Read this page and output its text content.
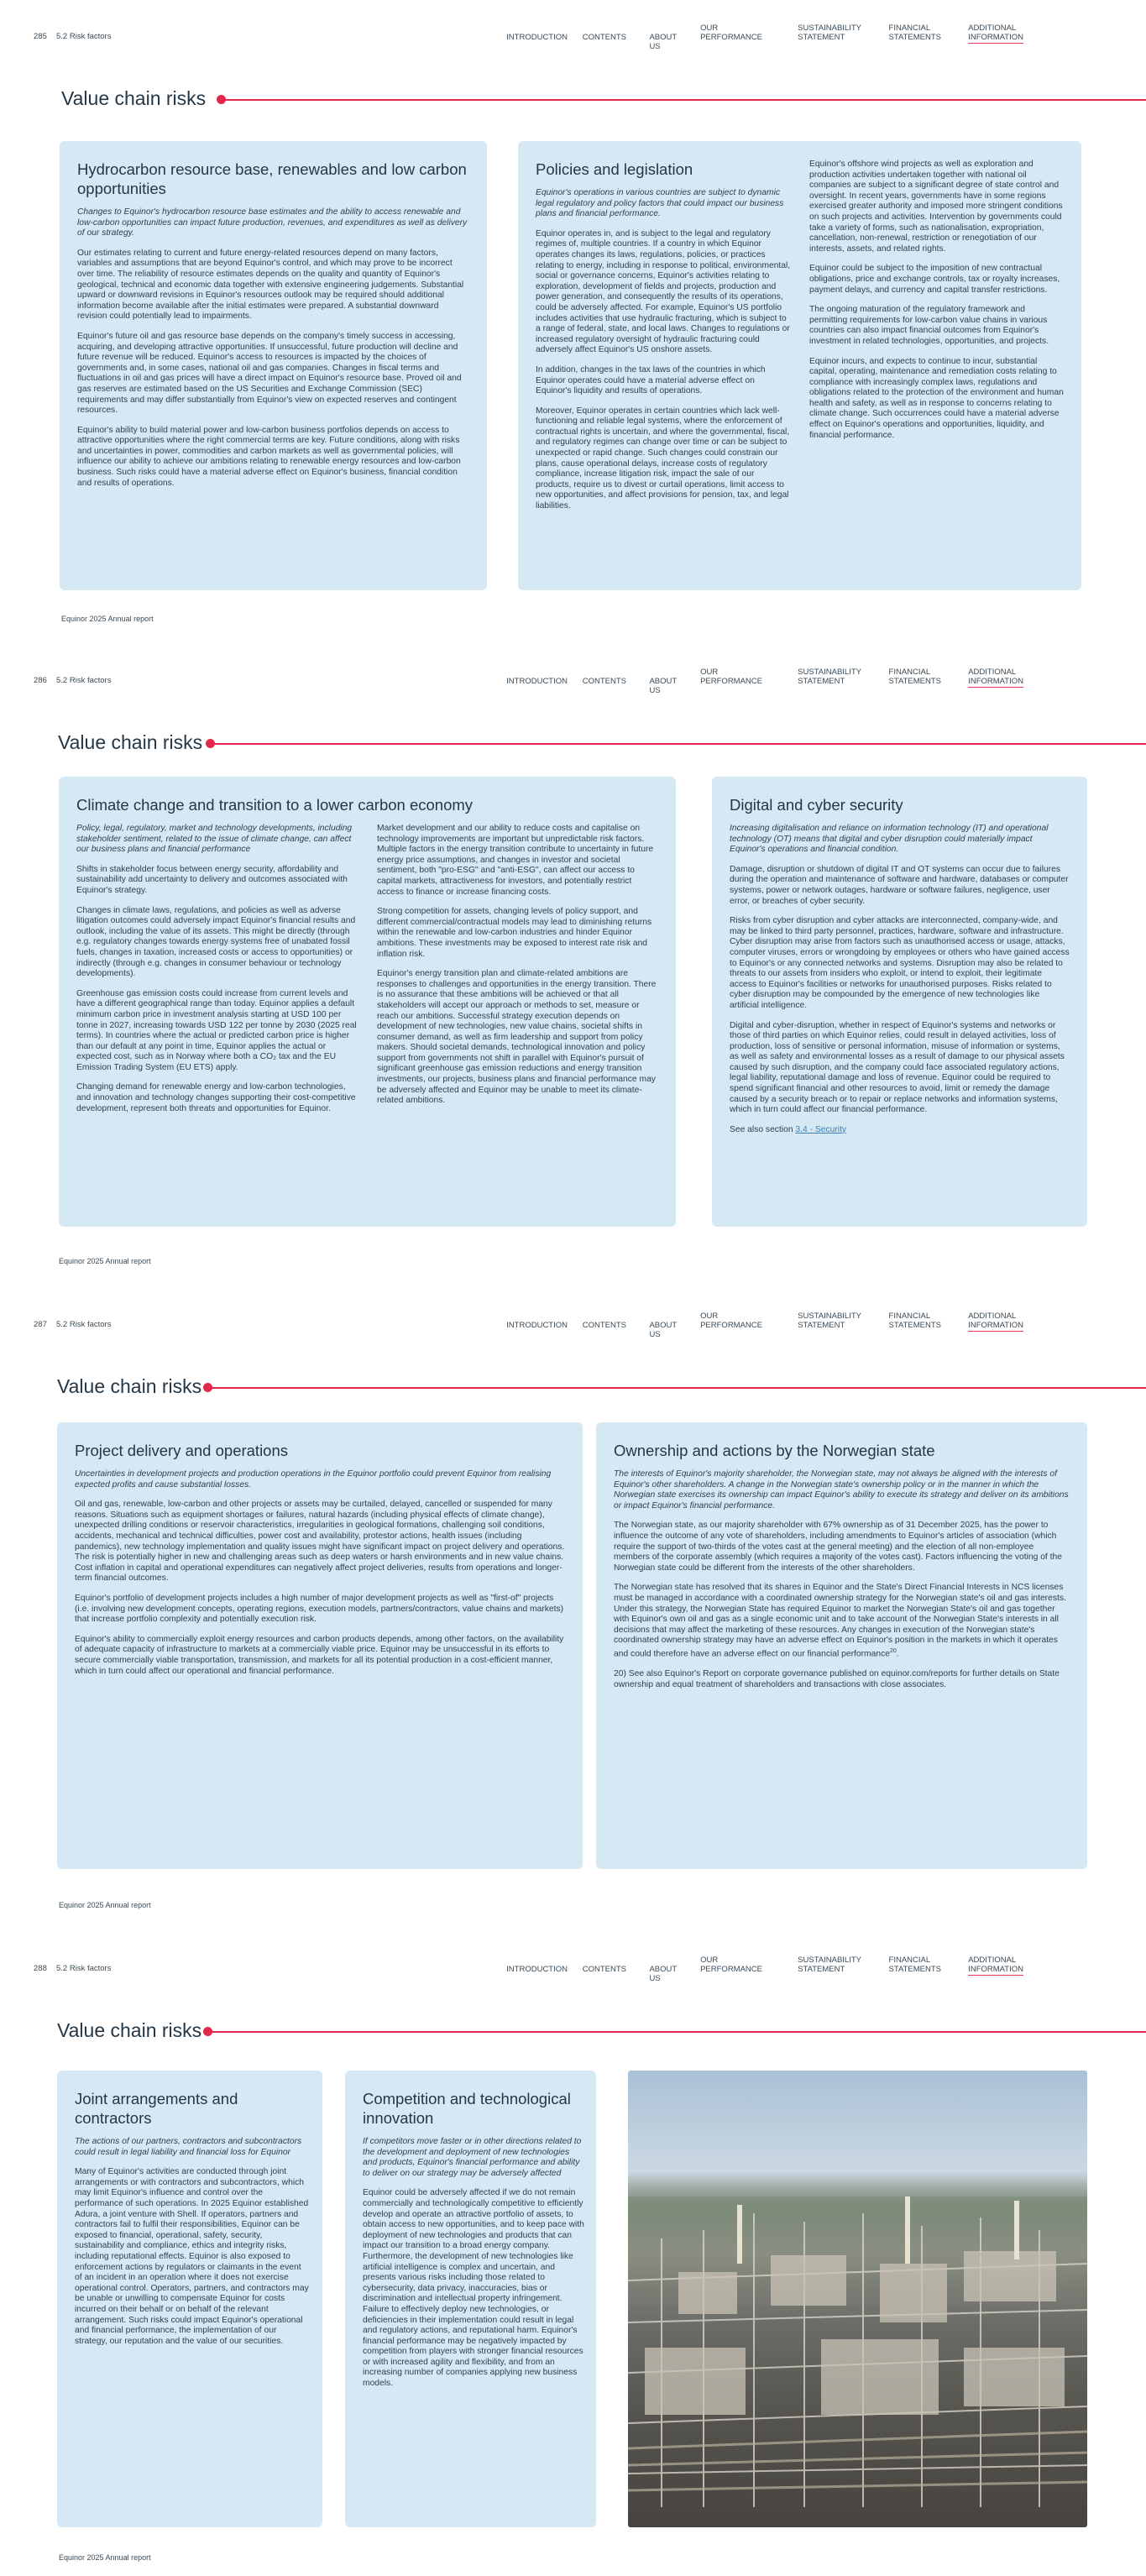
285 5.2 Risk factors	INTRODUCTION CONTENTS	ABOUT US
OUR
PERFORMANCE
SUSTAINABILITY
STATEMENT
FINANCIAL
STATEMENTS
ADDITIONAL
INFORMATION
Value chain risks
Hydrocarbon resource base, renewables and low carbon opportunities

Changes to Equinor's hydrocarbon resource base estimates and the ability to access renewable and low-carbon opportunities can impact future production, revenues, and expenditures as well as delivery of our strategy.

Our estimates relating to current and future energy-related resources depend on many factors, variables and assumptions that are beyond Equinor's control, and which may prove to be incorrect over time. The reliability of resource estimates depends on the quality and quantity of Equinor's geological, technical and economic data together with extensive engineering judgements. Substantial upward or downward revisions in Equinor's resources outlook may be required should additional information become available after the initial estimates were prepared. A substantial downward revision could potentially lead to impairments.

Equinor's future oil and gas resource base depends on the company's timely success in accessing, acquiring, and developing attractive opportunities. If unsuccessful, future production will decline and future revenue will be reduced. Equinor's access to resources is impacted by the choices of governments and, in some cases, national oil and gas companies. Changes in fiscal terms and fluctuations in oil and gas prices will have a direct impact on Equinor's resource base. Proved oil and gas reserves are estimated based on the US Securities and Exchange Commission (SEC) requirements and may differ substantially from Equinor's view on expected reserves and contingent resources.

Equinor's ability to build material power and low-carbon business portfolios depends on access to attractive opportunities where the right commercial terms are key. Future conditions, along with risks and uncertainties in power, commodities and carbon markets as well as governmental policies, will influence our ability to achieve our ambitions relating to renewable energy resources and low-carbon business. Such risks could have a material adverse effect on Equinor's business, financial condition and results of operations.

Policies and legislation

Equinor's operations in various countries are subject to dynamic legal regulatory and policy factors that could impact our business plans and financial performance.

Equinor operates in, and is subject to the legal and regulatory regimes of, multiple countries. If a country in which Equinor operates changes its laws, regulations, policies, or practices relating to energy, including in response to political, environmental, social or governance concerns, Equinor's activities relating to exploration, development of fields and projects, production and power generation, and consequently the results of its operations, could be adversely affected. For example, Equinor's US portfolio includes activities that use hydraulic fracturing, which is subject to a range of federal, state, and local laws. Changes to regulations or increased regulatory oversight of hydraulic fracturing could adversely affect Equinor's US onshore assets.

In addition, changes in the tax laws of the countries in which Equinor operates could have a material adverse effect on Equinor's liquidity and results of operations.

Moreover, Equinor operates in certain countries which lack well-functioning and reliable legal systems, where the enforcement of contractual rights is uncertain, and where the governmental, fiscal, and regulatory regimes can change over time or can be subject to unexpected or rapid change. Such changes could constrain our plans, cause operational delays, increase costs of regulatory compliance, increase litigation risk, impact the sale of our products, require us to divest or curtail operations, limit access to new opportunities, and affect provisions for pension, tax, and legal liabilities.

Equinor's offshore wind projects as well as exploration and production activities undertaken together with national oil companies are subject to a significant degree of state control and oversight. In recent years, governments have in some regions exercised greater authority and imposed more stringent conditions on such projects and activities. Intervention by governments could take a variety of forms, such as nationalisation, expropriation, cancellation, non-renewal, restriction or renegotiation of our interests, assets, and related rights.

Equinor could be subject to the imposition of new contractual obligations, price and exchange controls, tax or royalty increases, payment delays, and currency and capital transfer restrictions.

The ongoing maturation of the regulatory framework and permitting requirements for low-carbon value chains in various countries can also impact financial outcomes from Equinor's investment in related technologies, opportunities, and projects.

Equinor incurs, and expects to continue to incur, substantial capital, operating, maintenance and remediation costs relating to compliance with increasingly complex laws, regulations and obligations related to the protection of the environment and human health and safety, as well as in response to concerns relating to climate change. Such occurrences could have a material adverse effect on Equinor's operations and opportunities, liquidity, and financial performance.

Equinor 2025 Annual report
286 5.2 Risk factors	INTRODUCTION CONTENTS	ABOUT US
OUR
PERFORMANCE
SUSTAINABILITY
STATEMENT
FINANCIAL
STATEMENTS
ADDITIONAL
INFORMATION
Value chain risks
Climate change and transition to a lower carbon economy

Policy, legal, regulatory, market and technology developments, including stakeholder sentiment, related to the issue of climate change, can affect our business plans and financial performance

Shifts in stakeholder focus between energy security, affordability and sustainability add uncertainty to delivery and outcomes associated with Equinor's strategy.

Changes in climate laws, regulations, and policies as well as adverse litigation outcomes could adversely impact Equinor's financial results and outlook, including the value of its assets. This might be directly (through e.g. regulatory changes towards energy systems free of unabated fossil fuels, changes in taxation, increased costs or access to opportunities) or indirectly (through e.g. changes in consumer behaviour or technology developments).

Greenhouse gas emission costs could increase from current levels and have a different geographical range than today. Equinor applies a default minimum carbon price in investment analysis starting at USD 100 per tonne in 2027, increasing towards USD 122 per tonne by 2030 (2025 real terms). In countries where the actual or predicted carbon price is higher than our default at any point in time, Equinor applies the actual or expected cost, such as in Norway where both a CO₂ tax and the EU Emission Trading System (EU ETS) apply.

Changing demand for renewable energy and low-carbon technologies, and innovation and technology changes supporting their cost-competitive development, represent both threats and opportunities for Equinor.

Market development and our ability to reduce costs and capitalise on technology improvements are important but unpredictable risk factors. Multiple factors in the energy transition contribute to uncertainty in future energy price assumptions, and changes in investor and societal sentiment, both "pro-ESG" and "anti-ESG", can affect our access to capital markets, attractiveness for investors, and potentially restrict access to finance or increase financing costs.

Strong competition for assets, changing levels of policy support, and different commercial/contractual models may lead to diminishing returns within the renewable and low-carbon industries and hinder Equinor ambitions. These investments may be exposed to interest rate risk and inflation risk.

Equinor's energy transition plan and climate-related ambitions are responses to challenges and opportunities in the energy transition. There is no assurance that these ambitions will be achieved or that all stakeholders will accept our approach or methods to set, measure or reach our ambitions. Successful strategy execution depends on development of new technologies, new value chains, societal shifts in consumer demand, as well as firm leadership and support from policy makers. Should societal demands, technological innovation and policy support from governments not shift in parallel with Equinor's pursuit of significant greenhouse gas emission reductions and energy transition investments, our projects, business plans and financial performance may be adversely affected and Equinor may be unable to meet its climate-related ambitions.

Digital and cyber security

Increasing digitalisation and reliance on information technology (IT) and operational technology (OT) means that digital and cyber disruption could materially impact Equinor's operations and financial condition.

Damage, disruption or shutdown of digital IT and OT systems can occur due to failures during the operation and maintenance of software and hardware, databases or computer systems, power or network outages, hardware or software failures, negligence, user error, or breaches of cyber security.

Risks from cyber disruption and cyber attacks are interconnected, company-wide, and may be linked to third party personnel, practices, hardware, software and infrastructure. Cyber disruption may arise from factors such as unauthorised access or usage, attacks, computer viruses, errors or wrongdoing by employees or others who have gained access to Equinor's or any connected networks and systems. Disruption may also be related to threats to our assets from insiders who exploit, or intend to exploit, their legitimate access to Equinor's facilities or networks for unauthorised purposes. Risks related to cyber disruption may be compounded by the emergence of new technologies like artificial intelligence.

Digital and cyber-disruption, whether in respect of Equinor's systems and networks or those of third parties on which Equinor relies, could result in delayed activities, loss of production, loss of sensitive or personal information, misuse of information or systems, as well as safety and environmental losses as a result of damage to our physical assets caused by such disruption, and the company could face associated regulatory actions, legal liability, reputational damage and loss of revenue. Equinor could be required to spend significant financial and other resources to avoid, limit or remedy the damage caused by a security breach or to repair or replace networks and information systems, which in turn could affect our financial performance.

See also section 3.4 - Security

Equinor 2025 Annual report
287 5.2 Risk factors	INTRODUCTION CONTENTS	ABOUT US
OUR
PERFORMANCE
SUSTAINABILITY
STATEMENT
FINANCIAL
STATEMENTS
ADDITIONAL
INFORMATION
Value chain risks
Project delivery and operations

Uncertainties in development projects and production operations in the Equinor portfolio could prevent Equinor from realising expected profits and cause substantial losses.

Oil and gas, renewable, low-carbon and other projects or assets may be curtailed, delayed, cancelled or suspended for many reasons. Situations such as equipment shortages or failures, natural hazards (including physical effects of climate change), unexpected drilling conditions or reservoir characteristics, irregularities in geological formations, challenging soil conditions, accidents, mechanical and technical difficulties, power cost and availability, protestor actions, health issues (including pandemics), new technology implementation and quality issues might have significant impact on project delivery and operations. The risk is potentially higher in new and challenging areas such as deep waters or harsh environments and in new value chains. Cost inflation in capital and operational expenditures can negatively affect project deliveries, results from operations and longer-term financial outcomes.

Equinor's portfolio of development projects includes a high number of major development projects as well as "first-of" projects (i.e. involving new development concepts, operating regions, execution models, partners/contractors, value chains and markets) that increase portfolio complexity and potentially execution risk.

Equinor's ability to commercially exploit energy resources and carbon products depends, among other factors, on the availability of adequate capacity of infrastructure to markets at a commercially viable price. Equinor may be unsuccessful in its efforts to secure commercially viable transportation, transmission, and markets for all its potential production in a cost-efficient manner, which in turn could affect our operational and financial performance.

Ownership and actions by the Norwegian state

The interests of Equinor's majority shareholder, the Norwegian state, may not always be aligned with the interests of Equinor's other shareholders. A change in the Norwegian state's ownership policy or in the manner in which the Norwegian state exercises its ownership can impact Equinor's ability to execute its strategy and deliver on its ambitions or impact Equinor's financial performance.

The Norwegian state, as our majority shareholder with 67% ownership as of 31 December 2025, has the power to influence the outcome of any vote of shareholders, including amendments to Equinor's articles of association (which require the support of two-thirds of the votes cast at the general meeting) and the election of all non-employee members of the corporate assembly (which requires a majority of the votes cast). Factors influencing the voting of the Norwegian state could be different from the interests of the other shareholders.

The Norwegian state has resolved that its shares in Equinor and the State's Direct Financial Interests in NCS licenses must be managed in accordance with a coordinated ownership strategy for the Norwegian state's oil and gas interests. Under this strategy, the Norwegian State has required Equinor to market the Norwegian State's oil and gas together with Equinor's own oil and gas as a single economic unit and to take account of the Norwegian State's interests in all decisions that may affect the marketing of these resources. Any changes in execution of the Norwegian state's coordinated ownership strategy may have an adverse effect on Equinor's position in the markets in which it operates and could therefore have an adverse effect on our financial performance$^{20}$.

20) See also Equinor's Report on corporate governance published on equinor.com/reports for further details on State ownership and equal treatment of shareholders and transactions with close associates.

Equinor 2025 Annual report
288 5.2 Risk factors	INTRODUCTION CONTENTS	ABOUT US
OUR
PERFORMANCE
SUSTAINABILITY
STATEMENT
FINANCIAL
STATEMENTS
ADDITIONAL
INFORMATION
Value chain risks
Joint arrangements and contractors

The actions of our partners, contractors and subcontractors could result in legal liability and financial loss for Equinor

Many of Equinor's activities are conducted through joint arrangements or with contractors and subcontractors, which may limit Equinor's influence and control over the performance of such operations. In 2025 Equinor established Adura, a joint venture with Shell. If operators, partners and contractors fail to fulfil their responsibilities, Equinor can be exposed to financial, operational, safety, security, sustainability and compliance, ethics and integrity risks, including reputational effects. Equinor is also exposed to enforcement actions by regulators or claimants in the event of an incident in an operation where it does not exercise operational control. Operators, partners, and contractors may be unable or unwilling to compensate Equinor for costs incurred on their behalf or on behalf of the relevant arrangement. Such risks could impact Equinor's operational and financial performance, the implementation of our strategy, our reputation and the value of our securities.

Competition and technological innovation

If competitors move faster or in other directions related to the development and deployment of new technologies and products, Equinor's financial performance and ability to deliver on our strategy may be adversely affected

Equinor could be adversely affected if we do not remain commercially and technologically competitive to efficiently develop and operate an attractive portfolio of assets, to obtain access to new opportunities, and to keep pace with deployment of new technologies and products that can impact our transition to a broad energy company. Furthermore, the development of new technologies like artificial intelligence is complex and uncertain, and presents various risks including those related to cybersecurity, data privacy, inaccuracies, bias or discrimination and intellectual property infringement. Failure to effectively deploy new technologies, or deficiencies in their implementation could result in legal and regulatory actions, and reputational harm. Equinor's financial performance may be negatively impacted by competition from players with stronger financial resources or with increased agility and flexibility, and from an increasing number of companies applying new business models.

Equinor 2025 Annual report
